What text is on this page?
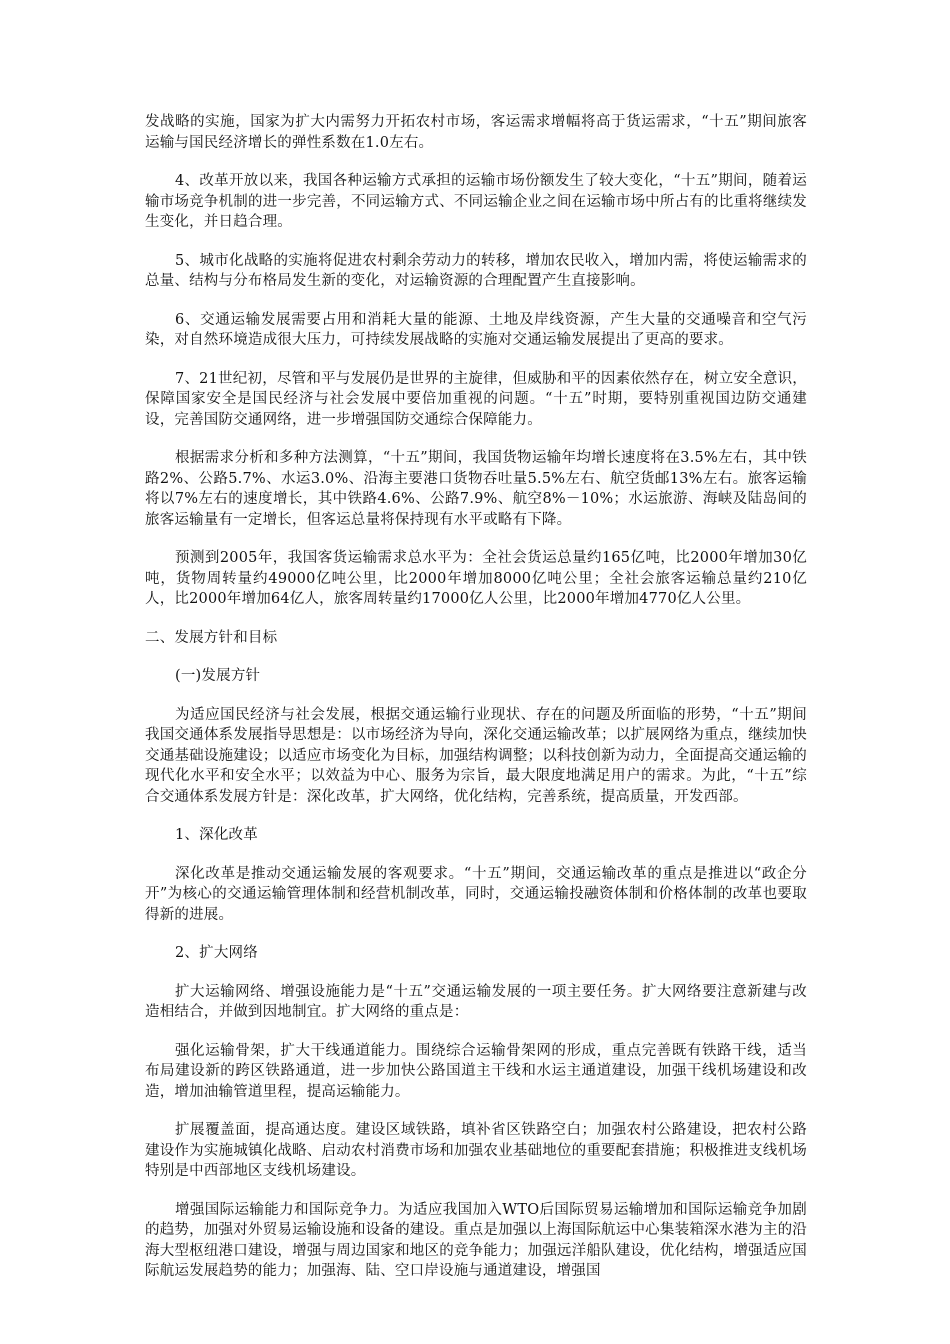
发战略的实施，国家为扩大内需努力开拓农村市场，客运需求增幅将高于货运需求，“十五”期间旅客运输与国民经济增长的弹性系数在1.0左右。

4、改革开放以来，我国各种运输方式承担的运输市场份额发生了较大变化，“十五”期间，随着运输市场竞争机制的进一步完善，不同运输方式、不同运输企业之间在运输市场中所占有的比重将继续发生变化，并日趋合理。

5、城市化战略的实施将促进农村剩余劳动力的转移，增加农民收入，增加内需，将使运输需求的总量、结构与分布格局发生新的变化，对运输资源的合理配置产生直接影响。

6、交通运输发展需要占用和消耗大量的能源、土地及岸线资源，产生大量的交通噪音和空气污染，对自然环境造成很大压力，可持续发展战略的实施对交通运输发展提出了更高的要求。

7、21世纪初，尽管和平与发展仍是世界的主旋律，但威胁和平的因素依然存在，树立安全意识，保障国家安全是国民经济与社会发展中要倍加重视的问题。“十五”时期，要特别重视国边防交通建设，完善国防交通网络，进一步增强国防交通综合保障能力。

根据需求分析和多种方法测算，“十五”期间，我国货物运输年均增长速度将在3.5%左右，其中铁路2%、公路5.7%、水运3.0%、沿海主要港口货物吞吐量5.5%左右、航空货邮13%左右。旅客运输将以7%左右的速度增长，其中铁路4.6%、公路7.9%、航空8%－10%；水运旅游、海峡及陆岛间的旅客运输量有一定增长，但客运总量将保持现有水平或略有下降。

预测到2005年，我国客货运输需求总水平为：全社会货运总量约165亿吨，比2000年增加30亿吨，货物周转量约49000亿吨公里，比2000年增加8000亿吨公里；全社会旅客运输总量约210亿人，比2000年增加64亿人，旅客周转量约17000亿人公里，比2000年增加4770亿人公里。

二、发展方针和目标

(一)发展方针

为适应国民经济与社会发展，根据交通运输行业现状、存在的问题及所面临的形势，“十五”期间我国交通体系发展指导思想是：以市场经济为导向，深化交通运输改革；以扩展网络为重点，继续加快交通基础设施建设；以适应市场变化为目标，加强结构调整；以科技创新为动力，全面提高交通运输的现代化水平和安全水平；以效益为中心、服务为宗旨，最大限度地满足用户的需求。为此，“十五”综合交通体系发展方针是：深化改革，扩大网络，优化结构，完善系统，提高质量，开发西部。

1、深化改革

深化改革是推动交通运输发展的客观要求。“十五”期间，交通运输改革的重点是推进以“政企分开”为核心的交通运输管理体制和经营机制改革，同时，交通运输投融资体制和价格体制的改革也要取得新的进展。

2、扩大网络

扩大运输网络、增强设施能力是“十五”交通运输发展的一项主要任务。扩大网络要注意新建与改造相结合，并做到因地制宜。扩大网络的重点是：

强化运输骨架，扩大干线通道能力。围绕综合运输骨架网的形成，重点完善既有铁路干线，适当布局建设新的跨区铁路通道，进一步加快公路国道主干线和水运主通道建设，加强干线机场建设和改造，增加油输管道里程，提高运输能力。

扩展覆盖面，提高通达度。建设区域铁路，填补省区铁路空白；加强农村公路建设，把农村公路建设作为实施城镇化战略、启动农村消费市场和加强农业基础地位的重要配套措施；积极推进支线机场特别是中西部地区支线机场建设。

增强国际运输能力和国际竞争力。为适应我国加入WTO后国际贸易运输增加和国际运输竞争加剧的趋势，加强对外贸易运输设施和设备的建设。重点是加强以上海国际航运中心集装箱深水港为主的沿海大型枢纽港口建设，增强与周边国家和地区的竞争能力；加强远洋船队建设，优化结构，增强适应国际航运发展趋势的能力；加强海、陆、空口岸设施与通道建设，增强国
